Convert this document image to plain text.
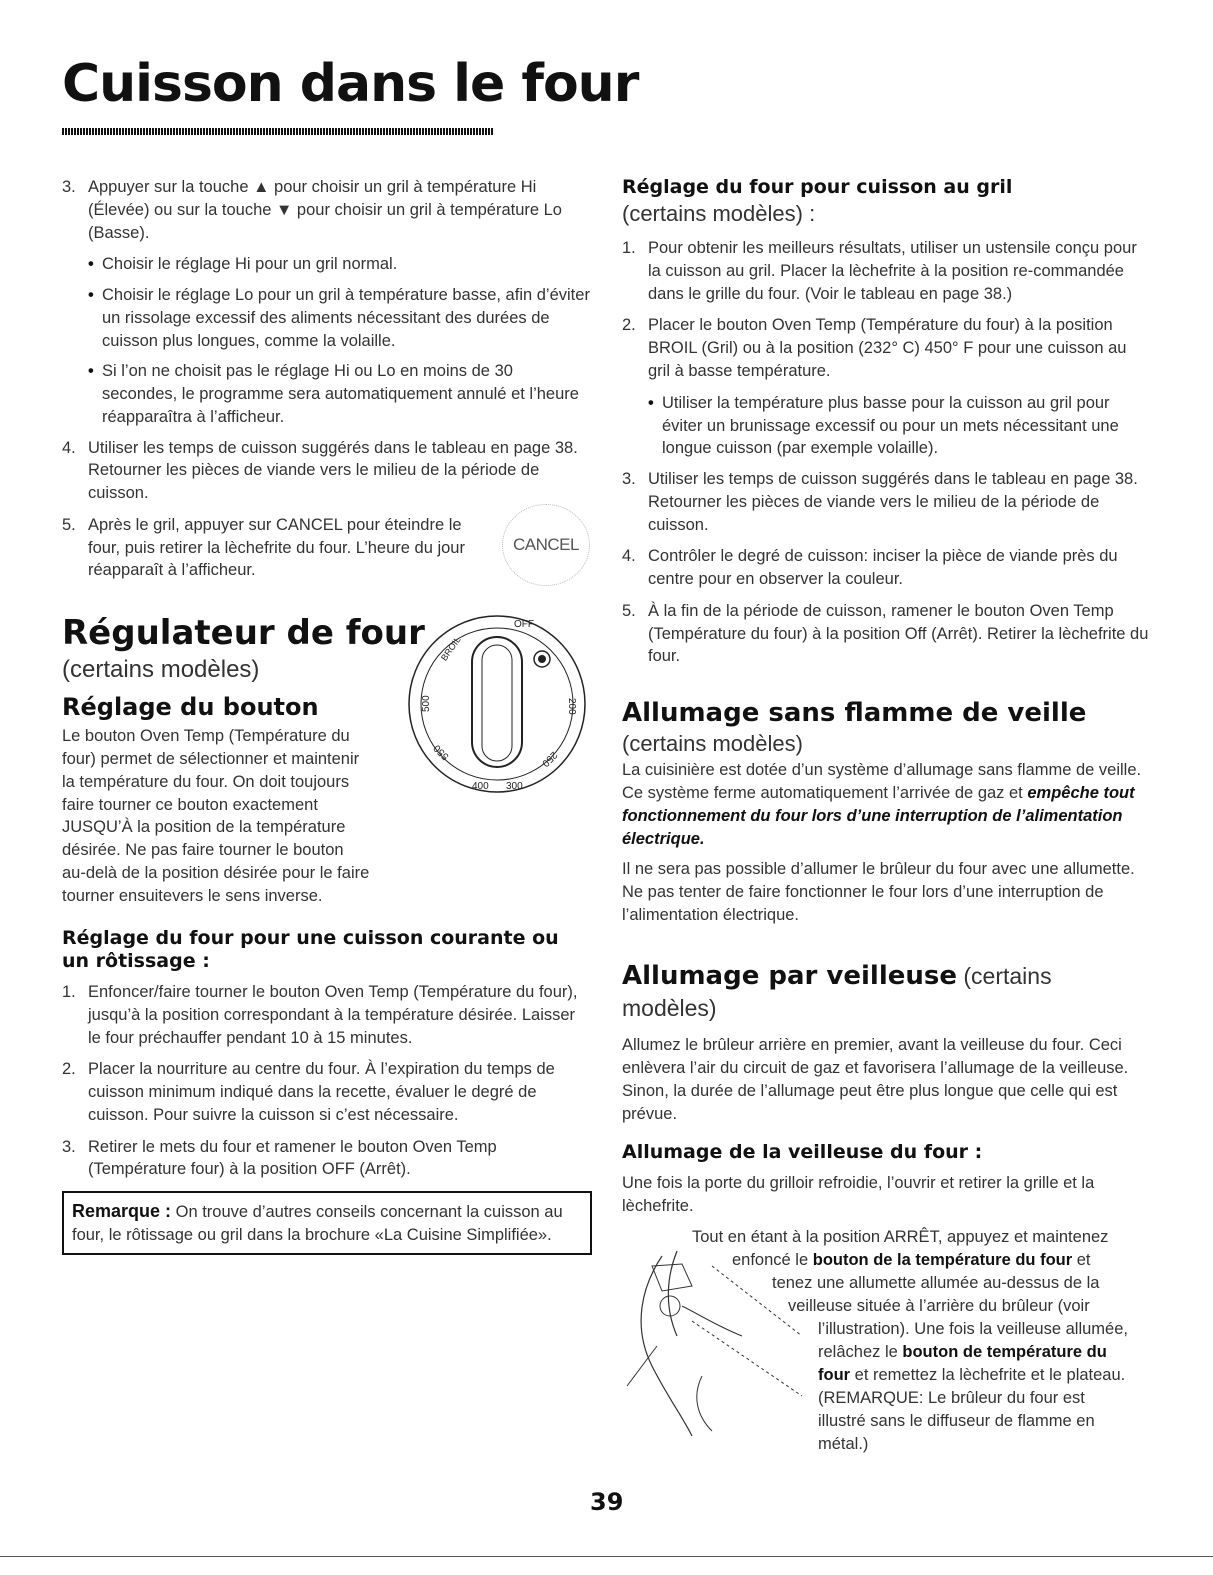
Cuisson dans le four
3. Appuyer sur la touche ▲ pour choisir un gril à température Hi (Élevée) ou sur la touche ▼ pour choisir un gril à température Lo (Basse).
• Choisir le réglage Hi pour un gril normal.
• Choisir le réglage Lo pour un gril à température basse, afin d’éviter un rissolage excessif des aliments nécessitant des durées de cuisson plus longues, comme la volaille.
• Si l’on ne choisit pas le réglage Hi ou Lo en moins de 30 secondes, le programme sera automatiquement annulé et l’heure réapparaîtra à l’afficheur.
4. Utiliser les temps de cuisson suggérés dans le tableau en page 38. Retourner les pièces de viande vers le milieu de la période de cuisson.
5. Après le gril, appuyer sur CANCEL pour éteindre le four, puis retirer la lèchefrite du four. L’heure du jour réapparaît à l’afficheur.
CANCEL
Régulateur de four
(certains modèles)
Réglage du bouton
OFF
BROIL
500
550
400 300
250
200

Le bouton Oven Temp (Température du four) permet de sélectionner et maintenir la température du four. On doit toujours faire tourner ce bouton exactement JUSQU’À la position de la température désirée. Ne pas faire tourner le bouton au-delà de la position désirée pour le faire tourner ensuitevers le sens inverse.

Réglage du four pour une cuisson courante ou un rôtissage :
1. Enfoncer/faire tourner le bouton Oven Temp (Température du four), jusqu’à la position correspondant à la température désirée. Laisser le four préchauffer pendant 10 à 15 minutes.
2. Placer la nourriture au centre du four. À l’expiration du temps de cuisson minimum indiqué dans la recette, évaluer le degré de cuisson. Pour suivre la cuisson si c’est nécessaire.
3. Retirer le mets du four et ramener le bouton Oven Temp (Température four) à la position OFF (Arrêt).
Remarque : On trouve d’autres conseils concernant la cuisson au four, le rôtissage ou gril dans la brochure «La Cuisine Simplifiée».
Réglage du four pour cuisson au gril
(certains modèles) :
1. Pour obtenir les meilleurs résultats, utiliser un ustensile conçu pour la cuisson au gril. Placer la lèchefrite à la position re-commandée dans le grille du four. (Voir le tableau en page 38.)
2. Placer le bouton Oven Temp (Température du four) à la position BROIL (Gril) ou à la position (232° C) 450° F pour une cuisson au gril à basse température.
• Utiliser la température plus basse pour la cuisson au gril pour éviter un brunissage excessif ou pour un mets nécessitant une longue cuisson (par exemple volaille).
3. Utiliser les temps de cuisson suggérés dans le tableau en page 38. Retourner les pièces de viande vers le milieu de la période de cuisson.
4. Contrôler le degré de cuisson: inciser la pièce de viande près du centre pour en observer la couleur.
5. À la fin de la période de cuisson, ramener le bouton Oven Temp (Température du four) à la position Off (Arrêt). Retirer la lèchefrite du four.
Allumage sans flamme de veille
(certains modèles)

La cuisinière est dotée d’un système d’allumage sans flamme de veille. Ce système ferme automatiquement l’arrivée de gaz et empêche tout fonctionnement du four lors d’une interruption de l’alimentation électrique.

Il ne sera pas possible d’allumer le brûleur du four avec une allumette. Ne pas tenter de faire fonctionner le four lors d’une interruption de l’alimentation électrique.

Allumage par veilleuse (certains modèles)

Allumez le brûleur arrière en premier, avant la veilleuse du four. Ceci enlèvera l’air du circuit de gaz et favorisera l’allumage de la veilleuse. Sinon, la durée de l’allumage peut être plus longue que celle qui est prévue.

Allumage de la veilleuse du four :

Une fois la porte du grilloir refroidie, l’ouvrir et retirer la grille et la lèchefrite.

Tout en étant à la position ARRÊT, appuyez et maintenez
enfoncé le bouton de la température du four et
tenez une allumette allumée au-dessus de la
veilleuse située à l’arrière du brûleur (voir
l’illustration). Une fois la veilleuse allumée,
relâchez le bouton de température du
four et remettez la lèchefrite et le plateau.
(REMARQUE: Le brûleur du four est
illustré sans le diffuseur de flamme en
métal.)
39
